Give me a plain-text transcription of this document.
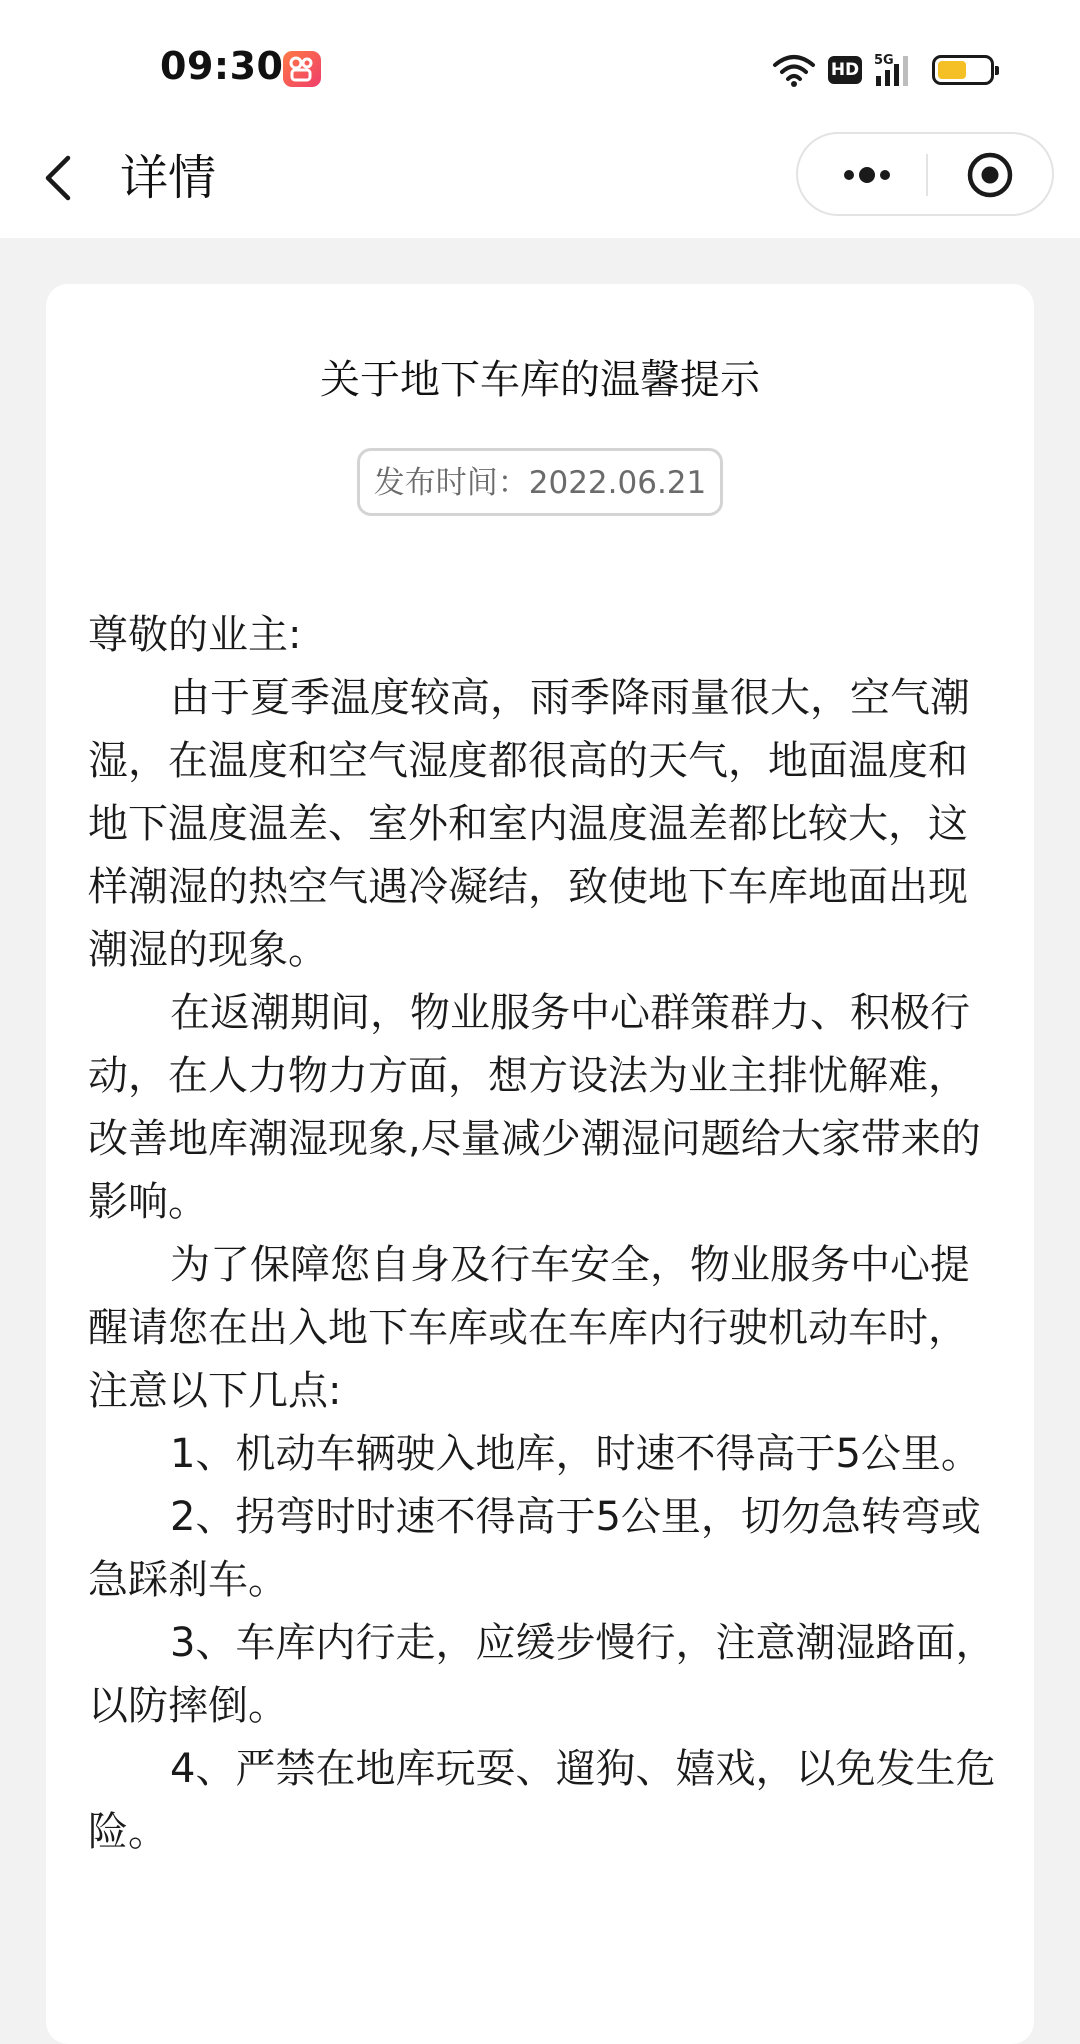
09:30	HD 5G
详情
关于地下车库的温馨提示
发布时间：2022.06.21

尊敬的业主:

由于夏季温度较高，雨季降雨量很大，空气潮湿，在温度和空气湿度都很高的天气，地面温度和地下温度温差、室外和室内温度温差都比较大，这样潮湿的热空气遇冷凝结，致使地下车库地面出现潮湿的现象。

在返潮期间，物业服务中心群策群力、积极行动，在人力物力方面，想方设法为业主排忧解难，改善地库潮湿现象,尽量减少潮湿问题给大家带来的影响。

为了保障您自身及行车安全，物业服务中心提醒请您在出入地下车库或在车库内行驶机动车时，注意以下几点:

1、机动车辆驶入地库，时速不得高于5公里。

2、拐弯时时速不得高于5公里，切勿急转弯或急踩刹车。

3、车库内行走，应缓步慢行，注意潮湿路面，以防摔倒。

4、严禁在地库玩耍、遛狗、嬉戏，以免发生危险。
